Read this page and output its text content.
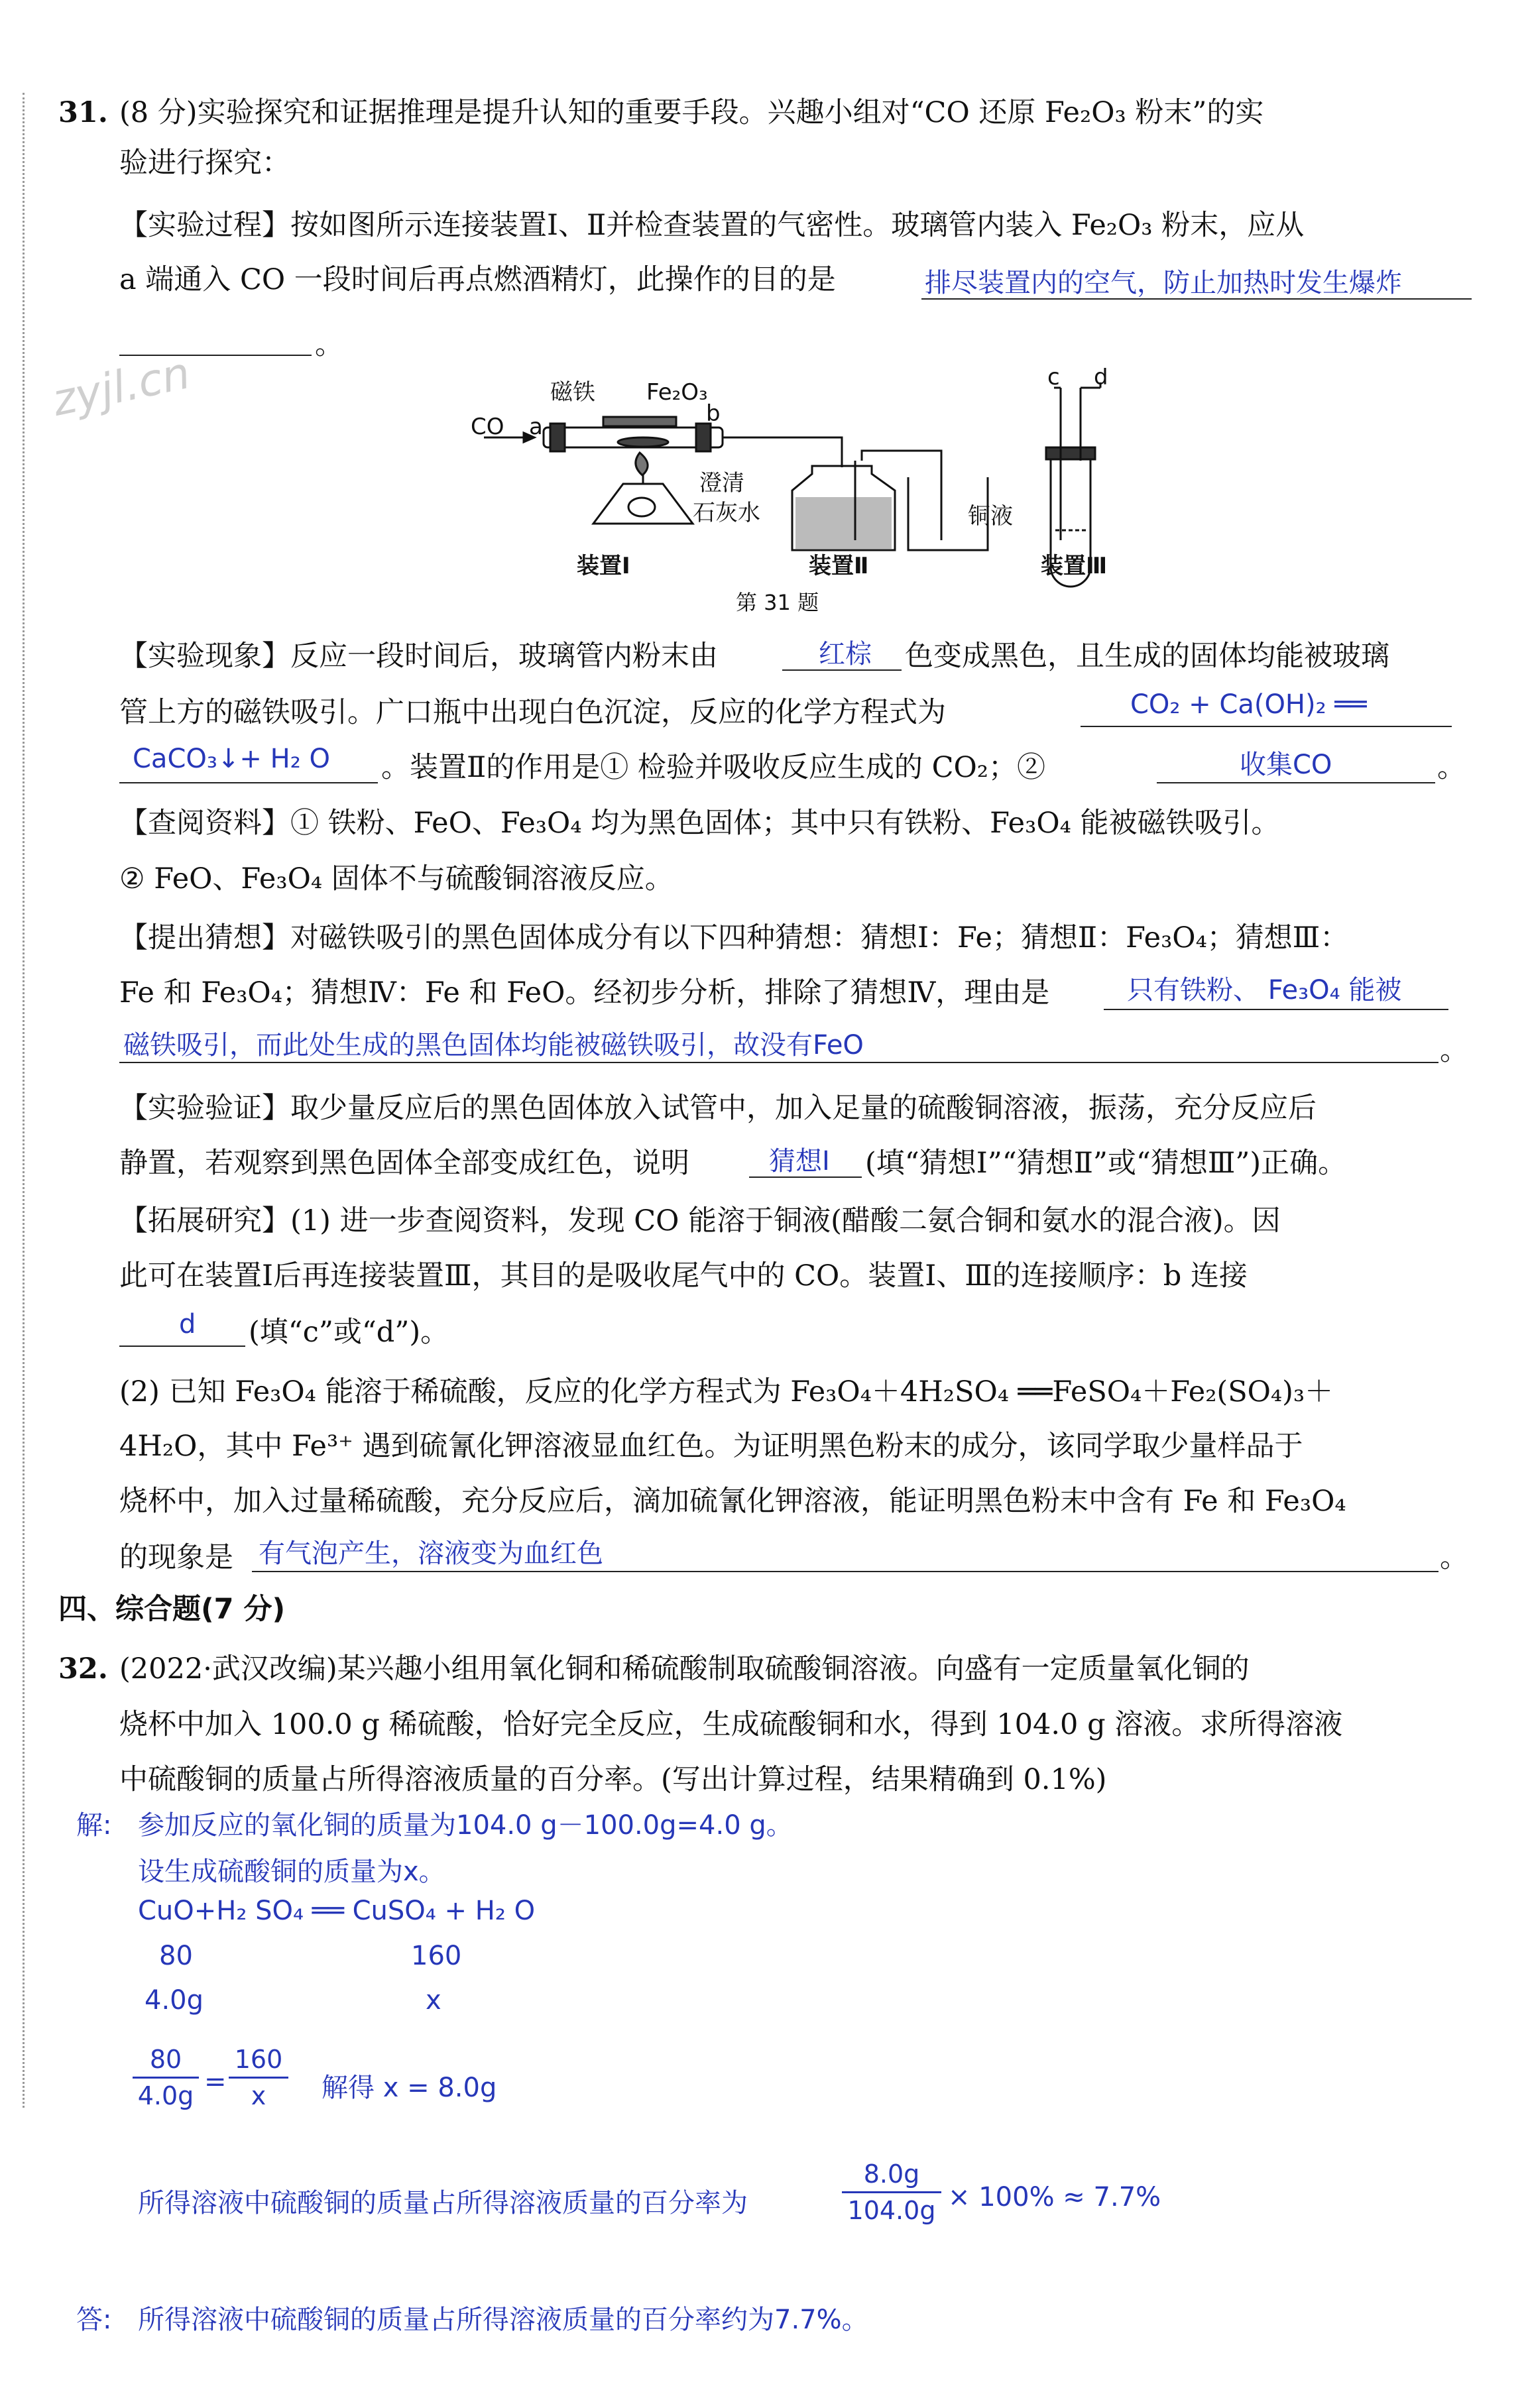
zyjl.cn
31. (8 分)实验探究和证据推理是提升认知的重要手段。兴趣小组对“CO 还原 Fe₂O₃ 粉末”的实
验进行探究：
【实验过程】按如图所示连接装置Ⅰ、Ⅱ并检查装置的气密性。玻璃管内装入 Fe₂O₃ 粉末，应从
a 端通入 CO 一段时间后再点燃酒精灯，此操作的目的是	排尽装置内的空气，防止加热时发生爆炸
。
CO a	b
磁铁 Fe₂O₃
澄清
石灰水
c d
铜液
装置Ⅰ	装置Ⅱ	装置Ⅲ
第 31 题
【实验现象】反应一段时间后，玻璃管内粉末由	红棕 色变成黑色，且生成的固体均能被玻璃
管上方的磁铁吸引。广口瓶中出现白色沉淀，反应的化学方程式为	CO₂ + Ca(OH)₂ ══
CaCO₃↓+ H₂ O 。装置Ⅱ的作用是① 检验并吸收反应生成的 CO₂；②	收集CO	。
【查阅资料】① 铁粉、FeO、Fe₃O₄ 均为黑色固体；其中只有铁粉、Fe₃O₄ 能被磁铁吸引。
② FeO、Fe₃O₄ 固体不与硫酸铜溶液反应。
【提出猜想】对磁铁吸引的黑色固体成分有以下四种猜想：猜想Ⅰ：Fe；猜想Ⅱ：Fe₃O₄；猜想Ⅲ：
Fe 和 Fe₃O₄；猜想Ⅳ：Fe 和 FeO。经初步分析，排除了猜想Ⅳ，理由是	只有铁粉、 Fe₃O₄ 能被
磁铁吸引，而此处生成的黑色固体均能被磁铁吸引，故没有FeO	。
【实验验证】取少量反应后的黑色固体放入试管中，加入足量的硫酸铜溶液，振荡，充分反应后
静置，若观察到黑色固体全部变成红色，说明	猜想Ⅰ (填“猜想Ⅰ”“猜想Ⅱ”或“猜想Ⅲ”)正确。
【拓展研究】(1) 进一步查阅资料，发现 CO 能溶于铜液(醋酸二氨合铜和氨水的混合液)。因
此可在装置Ⅰ后再连接装置Ⅲ，其目的是吸收尾气中的 CO。装置Ⅰ、Ⅲ的连接顺序：b 连接
d (填“c”或“d”)。
(2) 已知 Fe₃O₄ 能溶于稀硫酸，反应的化学方程式为 Fe₃O₄＋4H₂SO₄ ══FeSO₄＋Fe₂(SO₄)₃＋
4H₂O，其中 Fe³⁺ 遇到硫氰化钾溶液显血红色。为证明黑色粉末的成分，该同学取少量样品于
烧杯中，加入过量稀硫酸，充分反应后，滴加硫氰化钾溶液，能证明黑色粉末中含有 Fe 和 Fe₃O₄
的现象是 有气泡产生，溶液变为血红色	。
四、综合题(7 分)
32. (2022·武汉改编)某兴趣小组用氧化铜和稀硫酸制取硫酸铜溶液。向盛有一定质量氧化铜的
烧杯中加入 100.0 g 稀硫酸，恰好完全反应，生成硫酸铜和水，得到 104.0 g 溶液。求所得溶液
中硫酸铜的质量占所得溶液质量的百分率。(写出计算过程，结果精确到 0.1%)
解: 参加反应的氧化铜的质量为104.0 g－100.0g=4.0 g。
设生成硫酸铜的质量为x。
CuO+H₂ SO₄ ══ CuSO₄ + H₂ O
80	160
4.0g	x
80
4.0g =
160
x	解得 x = 8.0g
所得溶液中硫酸铜的质量占所得溶液质量的百分率为
8.0g
104.0g × 100% ≈ 7.7%
答: 所得溶液中硫酸铜的质量占所得溶液质量的百分率约为7.7%。
